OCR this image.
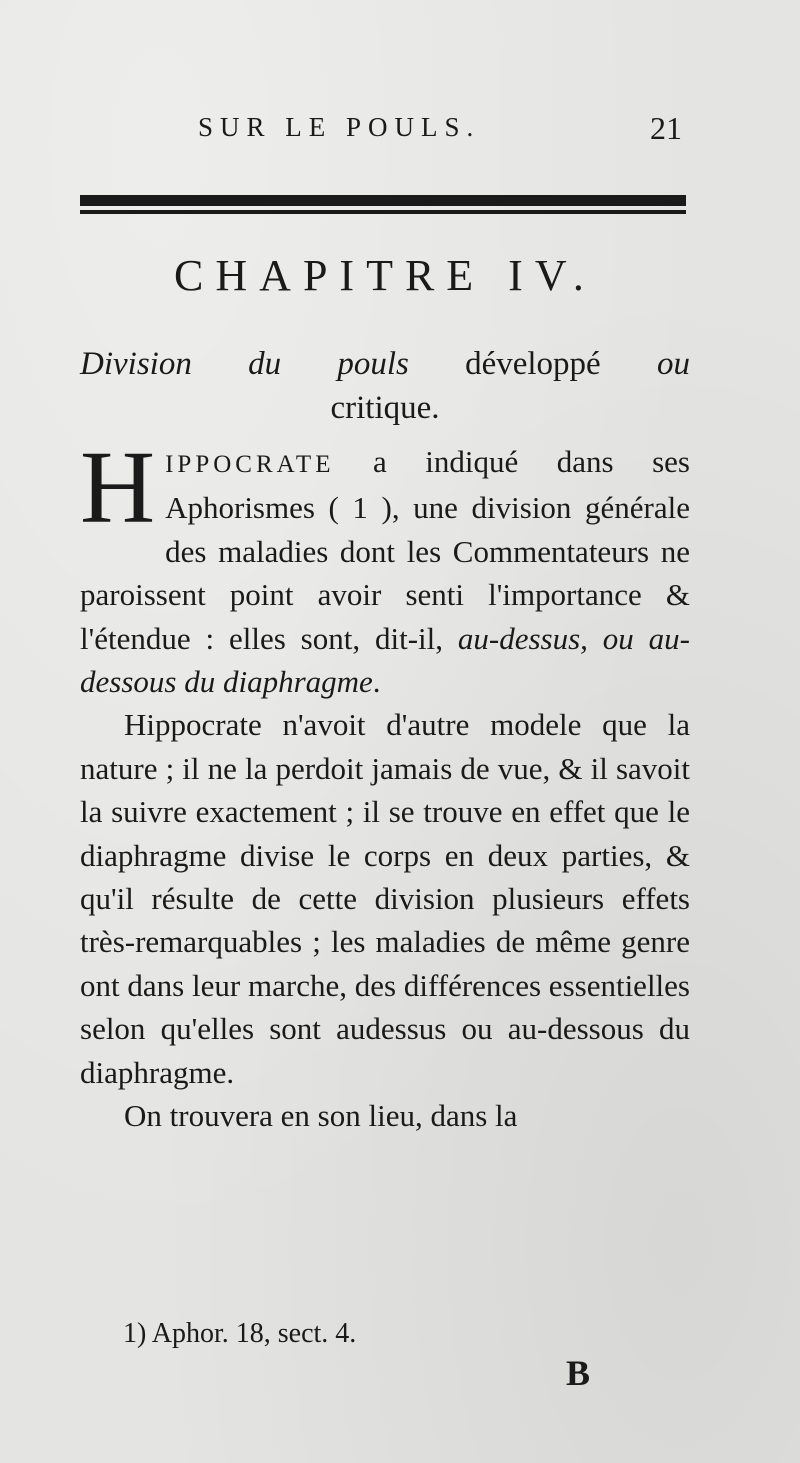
SUR LE POULS.	21
CHAPITRE IV.
Division du pouls développé ou
critique.

H IPPOCRATE a indiqué dans ses Aphorismes ( 1 ), une division générale des maladies dont les Commentateurs ne paroissent point avoir senti l'importance & l'étendue : elles sont, dit-il, au-dessus, ou au-dessous du diaphragme.

Hippocrate n'avoit d'autre modele que la nature ; il ne la perdoit jamais de vue, & il savoit la suivre exactement ; il se trouve en effet que le diaphragme divise le corps en deux parties, & qu'il résulte de cette division plusieurs effets très-remarquables ; les maladies de même genre ont dans leur marche, des différences essentielles selon qu'elles sont audessus ou au-dessous du diaphragme.

On trouvera en son lieu, dans la

1) Aphor. 18, sect. 4.
B
